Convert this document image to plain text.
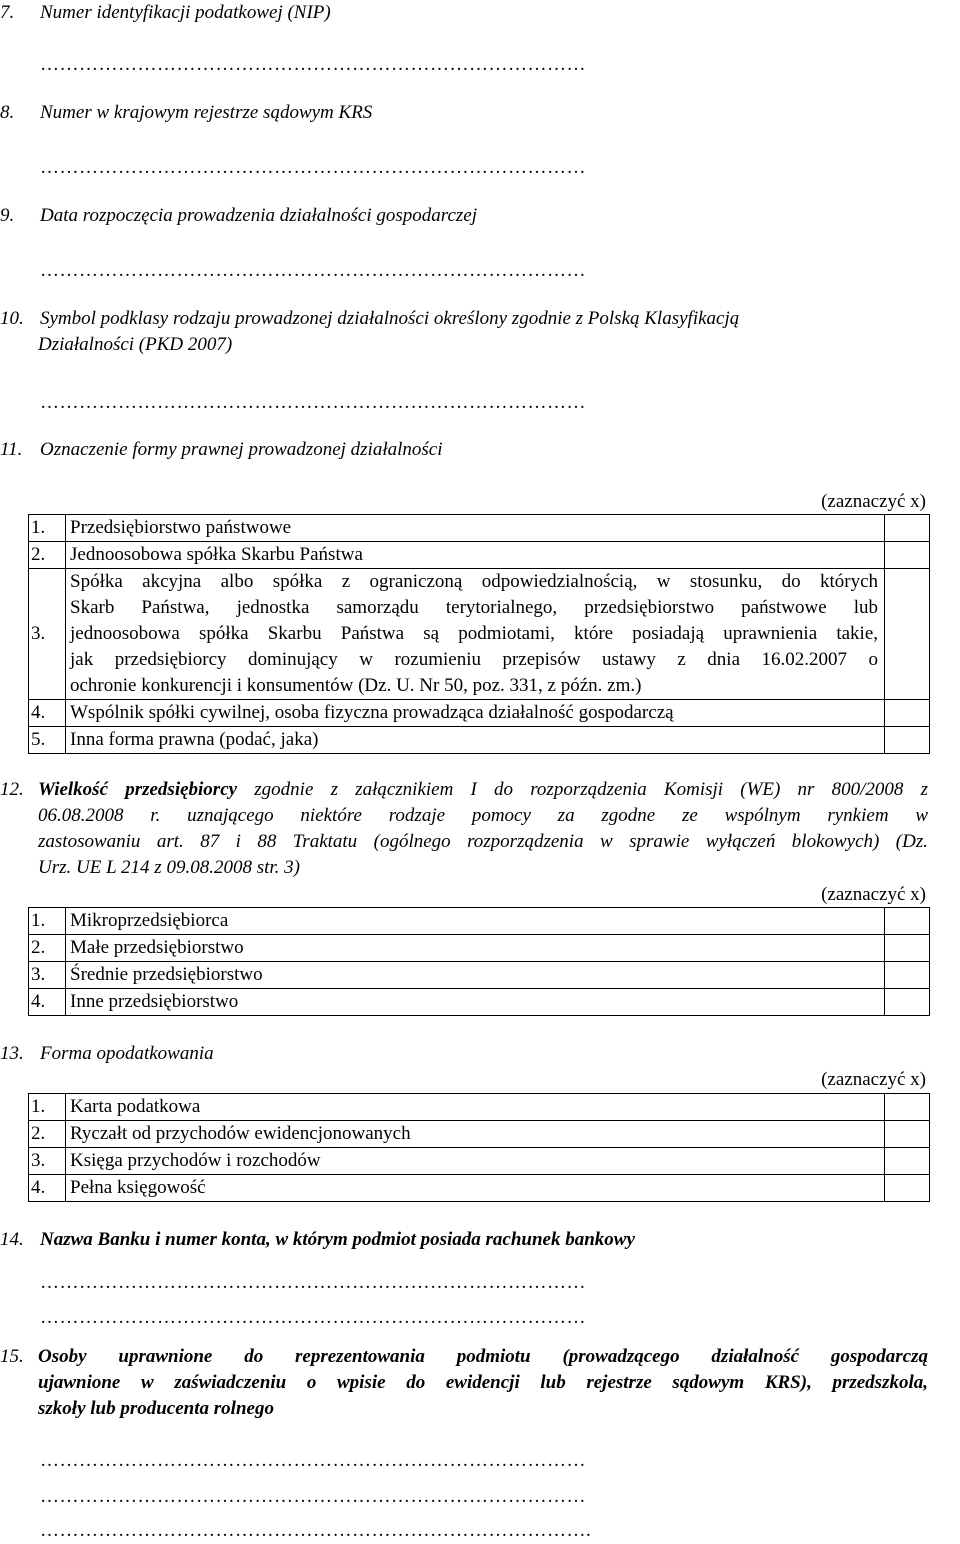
7. Numer identyfikacji podatkowej (NIP)
…………………………………………………………………………
8. Numer w krajowym rejestrze sądowym KRS
…………………………………………………………………………
9. Data rozpoczęcia prowadzenia działalności gospodarczej
…………………………………………………………………………
10. Symbol podklasy rodzaju prowadzonej działalności określony zgodnie z Polską Klasyfikacją
Działalności (PKD 2007)
…………………………………………………………………………
11. Oznaczenie formy prawnej prowadzonej działalności
(zaznaczyć x)
1.	Przedsiębiorstwo państwowe	
2.	Jednoosobowa spółka Skarbu Państwa	
3.	Spółka akcyjna albo spółka z ograniczoną odpowiedzialnością, w stosunku, do których
Skarb Państwa, jednostka samorządu terytorialnego, przedsiębiorstwo państwowe lub
jednoosobowa spółka Skarbu Państwa są podmiotami, które posiadają uprawnienia takie,
jak przedsiębiorcy dominujący w rozumieniu przepisów ustawy z dnia 16.02.2007 o
ochronie konkurencji i konsumentów (Dz. U. Nr 50, poz. 331, z późn. zm.)	

4.	Wspólnik spółki cywilnej, osoba fizyczna prowadząca działalność gospodarczą	
5.	Inna forma prawna (podać, jaka)	
12. Wielkość przedsiębiorcy zgodnie z załącznikiem I do rozporządzenia Komisji (WE) nr 800/2008 z
06.08.2008 r. uznającego niektóre rodzaje pomocy za zgodne ze wspólnym rynkiem w
zastosowaniu art. 87 i 88 Traktatu (ogólnego rozporządzenia w sprawie wyłączeń blokowych) (Dz.
Urz. UE L 214 z 09.08.2008 str. 3)
(zaznaczyć x)
1.	Mikroprzedsiębiorca	
2.	Małe przedsiębiorstwo	
3.	Średnie przedsiębiorstwo	
4.	Inne przedsiębiorstwo	
13. Forma opodatkowania
(zaznaczyć x)
1.	Karta podatkowa	
2.	Ryczałt od przychodów ewidencjonowanych	
3.	Księga przychodów i rozchodów	
4.	Pełna księgowość	
14. Nazwa Banku i numer konta, w którym podmiot posiada rachunek bankowy
…………………………………………………………………………
…………………………………………………………………………
15. Osoby uprawnione do reprezentowania podmiotu (prowadzącego działalność gospodarczą
ujawnione w zaświadczeniu o wpisie do ewidencji lub rejestrze sądowym KRS), przedszkola,
szkoły lub producenta rolnego
…………………………………………………………………………
…………………………………………………………………………
………………………………………………………………………….
